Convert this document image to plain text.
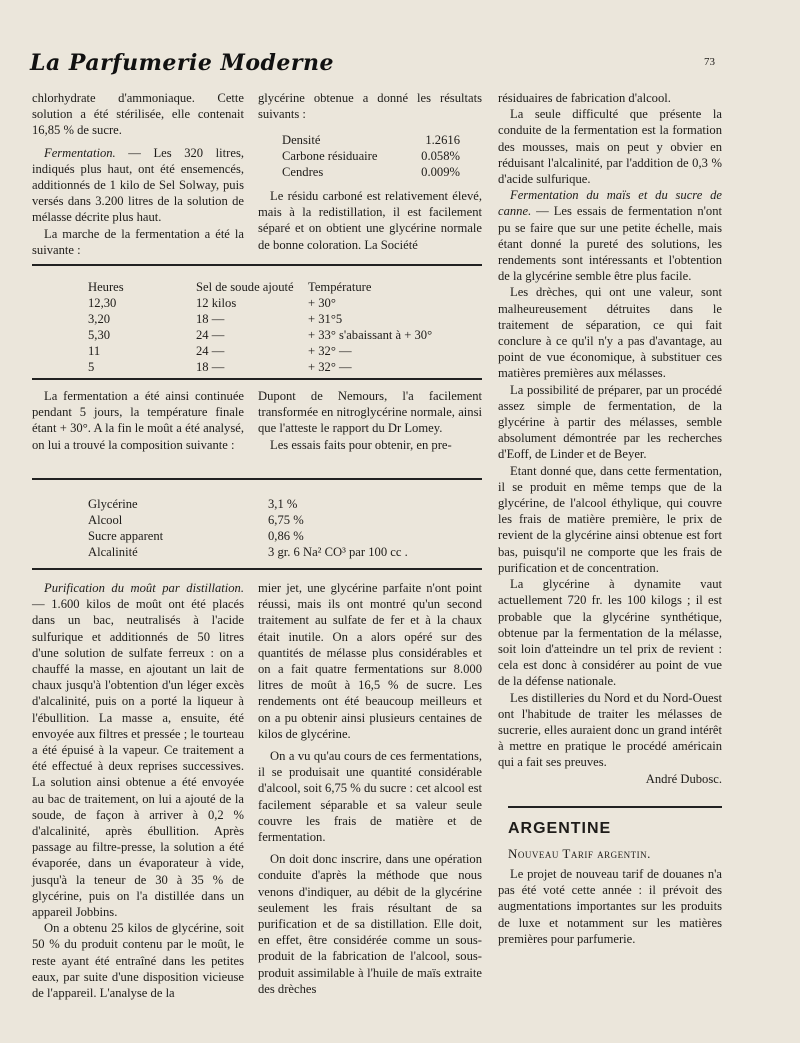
La Parfumerie Moderne	73

chlorhydrate d'ammoniaque. Cette solution a été stérilisée, elle contenait 16,85 % de sucre.

Fermentation. — Les 320 litres, indiqués plus haut, ont été ensemencés, additionnés de 1 kilo de Sel Solway, puis versés dans 3.200 litres de la solution de mélasse décrite plus haut.

La marche de la fermentation a été la suivante :

glycérine obtenue a donné les résultats suivants :

Densité	1.2616
Carbone résiduaire	0.058%
Cendres	0.009%

Le résidu carboné est relativement élevé, mais à la redistillation, il est facilement séparé et on obtient une glycérine normale de bonne coloration. La Société

Heures	Sel de soude ajouté	Température
12,30	12 kilos	+ 30°
3,20	18 —	+ 31°5
5,30	24 —	+ 33° s'abaissant à + 30°
11	24 —	+ 32° —
5	18 —	+ 32° —

La fermentation a été ainsi continuée pendant 5 jours, la température finale étant + 30°. A la fin le moût a été analysé, on lui a trouvé la composition suivante :

Dupont de Nemours, l'a facilement transformée en nitroglycérine normale, ainsi que l'atteste le rapport du Dr Lomey.

Les essais faits pour obtenir, en pre-

Glycérine	3,1 %
Alcool	6,75 %
Sucre apparent	0,86 %
Alcalinité	3 gr. 6 Na² CO³ par 100 cc .

Purification du moût par distillation. — 1.600 kilos de moût ont été placés dans un bac, neutralisés à l'acide sulfurique et additionnés de 50 litres d'une solution de sulfate ferreux : on a chauffé la masse, en ajoutant un lait de chaux jusqu'à l'obtention d'un léger excès d'alcalinité, puis on a porté la liqueur à l'ébullition. La masse a, ensuite, été envoyée aux filtres et pressée ; le tourteau a été épuisé à la vapeur. Ce traitement a été effectué à deux reprises successives. La solution ainsi obtenue a été envoyée au bac de traitement, on lui a ajouté de la soude, de façon à arriver à 0,2 % d'alcalinité, après ébullition. Après passage au filtre-presse, la solution a été évaporée, dans un évaporateur à vide, jusqu'à la teneur de 30 à 35 % de glycérine, puis on l'a distillée dans un appareil Jobbins.

On a obtenu 25 kilos de glycérine, soit 50 % du produit contenu par le moût, le reste ayant été entraîné dans les petites eaux, par suite d'une disposition vicieuse de l'appareil. L'analyse de la

mier jet, une glycérine parfaite n'ont point réussi, mais ils ont montré qu'un second traitement au sulfate de fer et à la chaux était inutile. On a alors opéré sur des quantités de mélasse plus considérables et on a fait quatre fermentations sur 8.000 litres de moût à 16,5 % de sucre. Les rendements ont été beaucoup meilleurs et on a pu obtenir ainsi plusieurs centaines de kilos de glycérine.

On a vu qu'au cours de ces fermentations, il se produisait une quantité considérable d'alcool, soit 6,75 % du sucre : cet alcool est facilement séparable et sa valeur seule couvre les frais de matière et de fermentation.

On doit donc inscrire, dans une opération conduite d'après la méthode que nous venons d'indiquer, au débit de la glycérine seulement les frais résultant de sa purification et de sa distillation. Elle doit, en effet, être considérée comme un sous-produit de la fabrication de l'alcool, sous-produit assimilable à l'huile de maïs extraite des drèches

résiduaires de fabrication d'alcool.

La seule difficulté que présente la conduite de la fermentation est la formation des mousses, mais on peut y obvier en réduisant l'alcalinité, par l'addition de 0,3 % d'acide sulfurique.

Fermentation du maïs et du sucre de canne. — Les essais de fermentation n'ont pu se faire que sur une petite échelle, mais étant donné la pureté des solutions, les rendements sont intéressants et l'obtention de la glycérine semble être plus facile.

Les drèches, qui ont une valeur, sont malheureusement détruites dans le traitement de séparation, ce qui fait conclure à ce qu'il n'y a pas d'avantage, au point de vue économique, à substituer ces matières premières aux mélasses.

La possibilité de préparer, par un procédé assez simple de fermentation, de la glycérine à partir des mélasses, semble absolument démontrée par les recherches d'Eoff, de Linder et de Beyer.

Etant donné que, dans cette fermentation, il se produit en même temps que de la glycérine, de l'alcool éthylique, qui couvre les frais de matière première, le prix de revient de la glycérine ainsi obtenue est fort bas, puisqu'il ne comporte que les frais de purification et de concentration.

La glycérine à dynamite vaut actuellement 720 fr. les 100 kilogs ; il est probable que la glycérine synthétique, obtenue par la fermentation de la mélasse, soit loin d'atteindre un tel prix de revient : cela est donc à considérer au point de vue de la défense nationale.

Les distilleries du Nord et du Nord-Ouest ont l'habitude de traiter les mélasses de sucrerie, elles auraient donc un grand intérêt à mettre en pratique le procédé américain qui a fait ses preuves.

André Dubosc.

ARGENTINE
Nouveau Tarif argentin.

Le projet de nouveau tarif de douanes n'a pas été voté cette année : il prévoit des augmentations importantes sur les produits de luxe et notamment sur les matières premières pour parfumerie.
